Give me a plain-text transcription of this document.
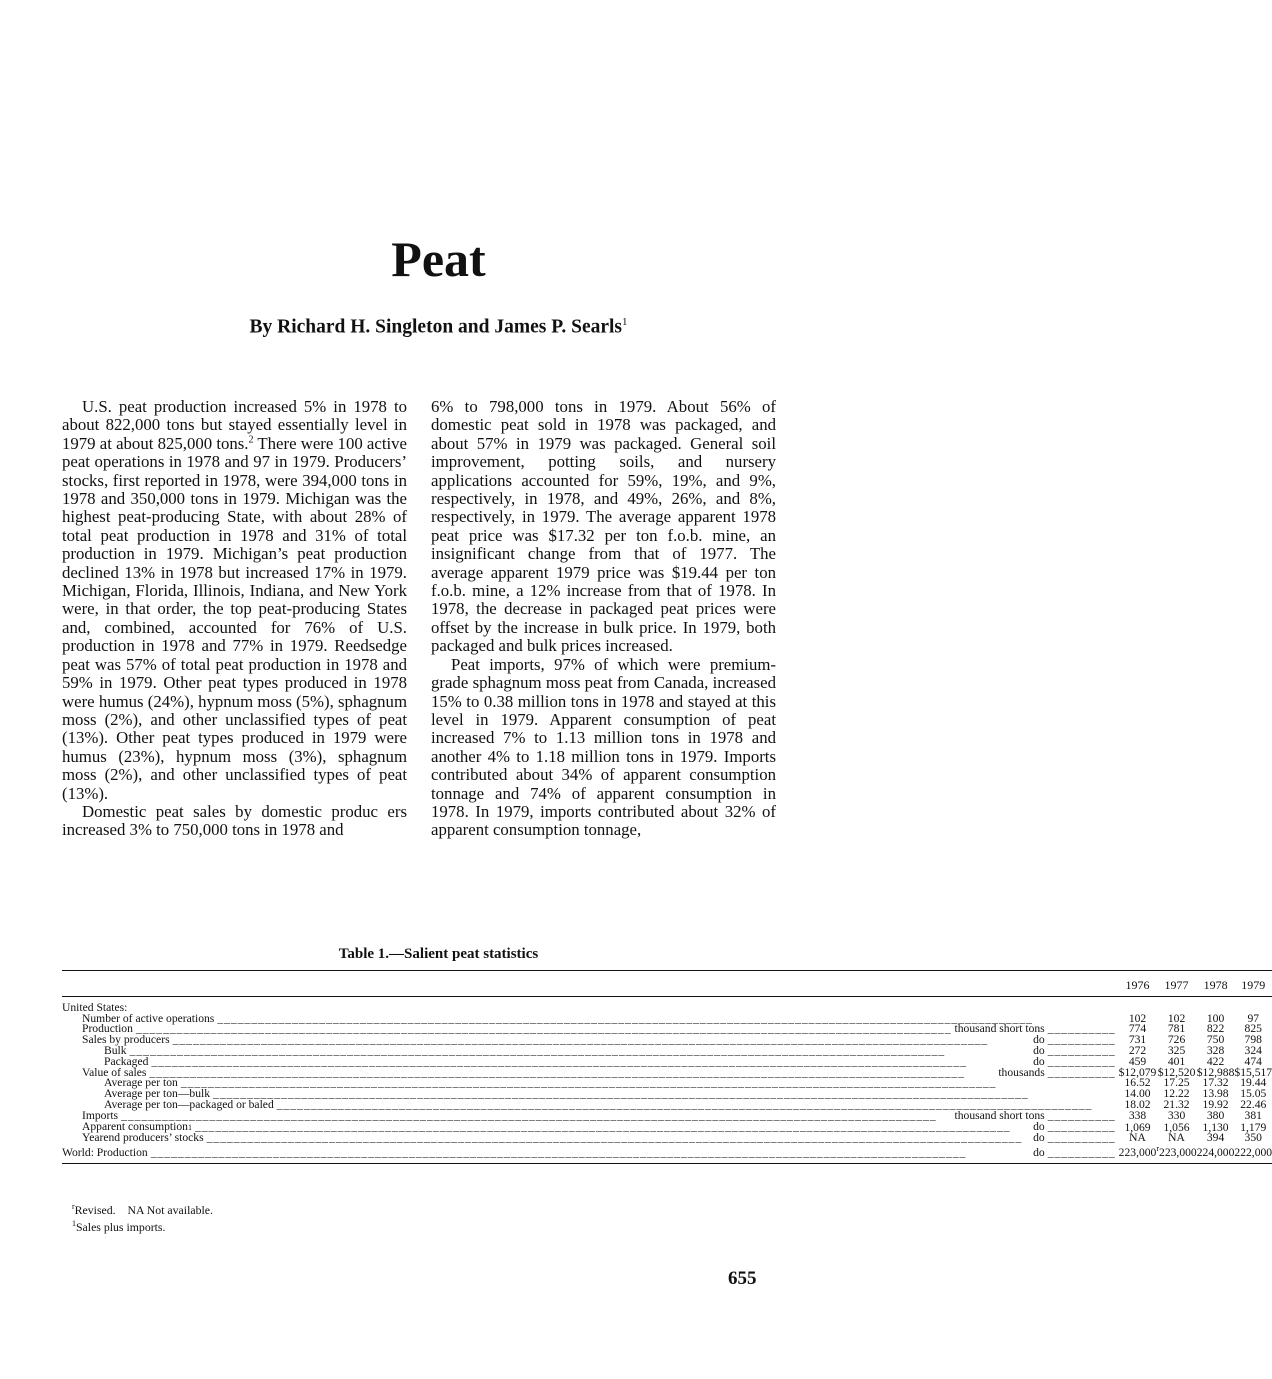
Peat
By Richard H. Singleton and James P. Searls$^1$

U.S. peat production increased 5% in 1978 to about 822,000 tons but stayed essentially level in 1979 at about 825,000 tons.$^2$ There were 100 active peat operations in 1978 and 97 in 1979. Producers’ stocks, first reported in 1978, were 394,000 tons in 1978 and 350,000 tons in 1979. Michigan was the highest peat-producing State, with about 28% of total peat production in 1978 and 31% of total production in 1979. Michigan’s peat production declined 13% in 1978 but increased 17% in 1979. Michigan, Florida, Illinois, Indiana, and New York were, in that order, the top peat-producing States and, combined, accounted for 76% of U.S. production in 1978 and 77% in 1979. Reedsedge peat was 57% of total peat production in 1978 and 59% in 1979. Other peat types produced in 1978 were humus (24%), hypnum moss (5%), sphagnum moss (2%), and other unclassified types of peat (13%). Other peat types produced in 1979 were humus (23%), hypnum moss (3%), sphagnum moss (2%), and other unclassified types of peat (13%).

Domestic peat sales by domestic produc ers increased 3% to 750,000 tons in 1978 and

6% to 798,000 tons in 1979. About 56% of domestic peat sold in 1978 was packaged, and about 57% in 1979 was packaged. General soil improvement, potting soils, and nursery applications accounted for 59%, 19%, and 9%, respectively, in 1978, and 49%, 26%, and 8%, respectively, in 1979. The average apparent 1978 peat price was $17.32 per ton f.o.b. mine, an insignificant change from that of 1977. The average apparent 1979 price was $19.44 per ton f.o.b. mine, a 12% increase from that of 1978. In 1978, the decrease in packaged peat prices were offset by the increase in bulk price. In 1979, both packaged and bulk prices increased.

Peat imports, 97% of which were premium-grade sphagnum moss peat from Canada, increased 15% to 0.38 million tons in 1978 and stayed at this level in 1979. Apparent consumption of peat increased 7% to 1.13 million tons in 1978 and another 4% to 1.18 million tons in 1979. Imports contributed about 34% of apparent consumption tonnage and 74% of apparent consumption in 1978. In 1979, imports contributed about 32% of apparent consumption tonnage,

Table 1.—Salient peat statistics
	1976	1977	1978	1979

United States:				

Number of active operations ________________________________________________________________________________________________________________________	102	102	100	97

Production ________________________________________________________________________________________________________________________ thousand short tons __________	774	781	822	825

Sales by producers ________________________________________________________________________________________________________________________ do __________	731	726	750	798

Bulk ________________________________________________________________________________________________________________________ do __________	272	325	328	324

Packaged ________________________________________________________________________________________________________________________ do __________	459	401	422	474

Value of sales ________________________________________________________________________________________________________________________ thousands __________	$12,079	$12,520	$12,988	$15,517

Average per ton ________________________________________________________________________________________________________________________	16.52	17.25	17.32	19.44

Average per ton—bulk ________________________________________________________________________________________________________________________	14.00	12.22	13.98	15.05

Average per ton—packaged or baled ________________________________________________________________________________________________________________________	18.02	21.32	19.92	22.46

Imports ________________________________________________________________________________________________________________________ thousand short tons __________	338	330	380	381

Apparent consumption 1 ________________________________________________________________________________________________________________________ do __________	1,069	1,056	1,130	1,179

Yearend producers’ stocks ________________________________________________________________________________________________________________________ do __________	NA	NA	394	350

World: Production ________________________________________________________________________________________________________________________ do __________	223,000	$^r$223,000	224,000	222,000
$^r$Revised. NA Not available.
$^1$Sales plus imports.
655
